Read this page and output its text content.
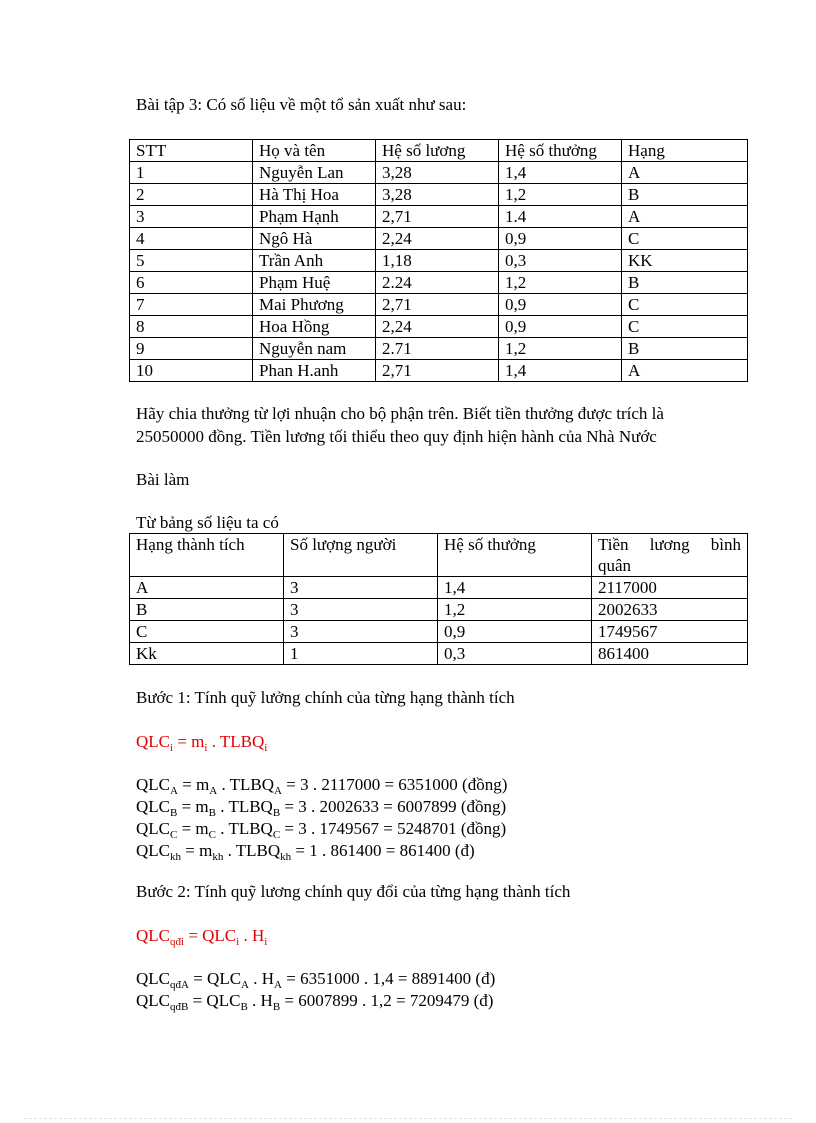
Bài tập 3: Có số liệu về một tổ sản xuất như sau:
STT	Họ và tên	Hệ số lương	Hệ số thưởng	Hạng
1	Nguyễn Lan	3,28	1,4	A
2	Hà Thị Hoa	3,28	1,2	B
3	Phạm Hạnh	2,71	1.4	A
4	Ngô Hà	2,24	0,9	C
5	Trần Anh	1,18	0,3	KK
6	Phạm Huệ	2.24	1,2	B
7	Mai Phương	2,71	0,9	C
8	Hoa Hồng	2,24	0,9	C
9	Nguyễn nam	2.71	1,2	B
10	Phan H.anh	2,71	1,4	A
Hãy chia thưởng từ lợi nhuận cho bộ phận trên. Biết tiền thưởng được trích là
25050000 đồng. Tiền lương tối thiểu theo quy định hiện hành của Nhà Nước
Bài làm
Từ bảng số liệu ta có
Hạng thành tích	Số lượng người	Hệ số thưởng	Tiền lương bình quân
A	3	1,4	2117000
B	3	1,2	2002633
C	3	0,9	1749567
Kk	1	0,3	861400
Bước 1: Tính quỹ lưởng chính của từng hạng thành tích
$QLC_i = m_i$ . $TLBQ_i$
$QLC_A = m_A$ . $TLBQ_A = 3$ . 2117000 = 6351000 (đồng)
$QLC_B = m_B$ . $TLBQ_B = 3$ . 2002633 = 6007899 (đồng)
$QLC_C = m_C$ . $TLBQ_C = 3$ . 1749567 = 5248701 (đồng)
$QLC_{kh} = m_{kh}$ . $TLBQ_{kh} = 1$ . 861400 = 861400 (đ)
Bước 2: Tính quỹ lương chính quy đổi của từng hạng thành tích
$QLC_{qđi} = QLC_i$ . $H_i$
$QLC_{qđA} = QLC_A$ . $H_A = 6351000$ . 1,4 = 8891400 (đ)
$QLC_{qđB} = QLC_B$ . $H_B = 6007899$ . 1,2 = 7209479 (đ)
